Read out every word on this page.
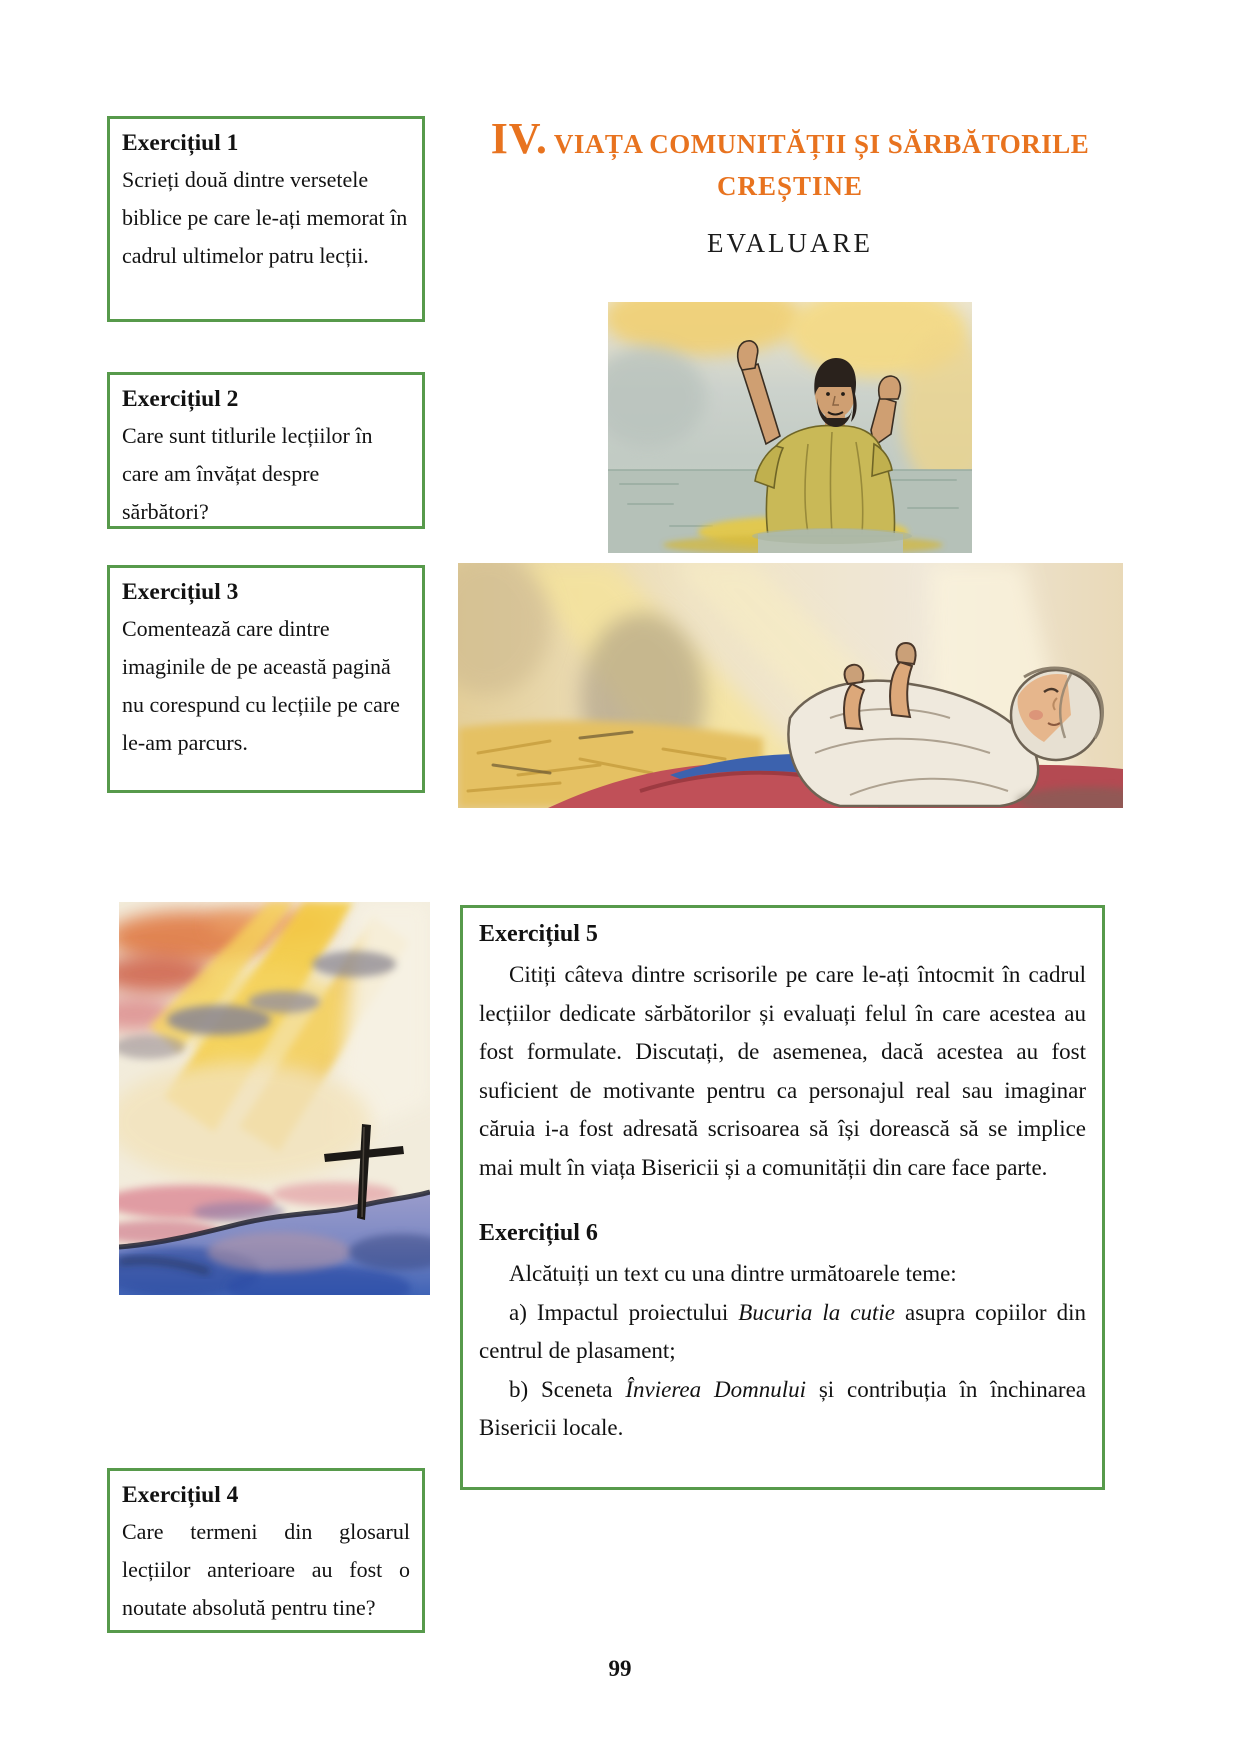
IV. VIAȚA COMUNITĂȚII ȘI SĂRBĂTORILE
CREȘTINE
EVALUARE
Exercițiul 1

Scrieți două dintre versetele biblice pe care le-ați memorat în cadrul ultimelor patru lecții.

Exercițiul 2

Care sunt titlurile lecțiilor în care am învățat despre sărbători?

Exercițiul 3

Comentează care dintre imaginile de pe această pagină nu corespund cu lecțiile pe care le-am parcurs.

Exercițiul 4

Care termeni din glosarul lecțiilor anterioare au fost o noutate absolută pentru tine?

Exercițiul 5

Citiți câteva dintre scrisorile pe care le-ați întocmit în cadrul lecțiilor dedicate sărbătorilor și evaluați felul în care acestea au fost formulate. Discutați, de asemenea, dacă acestea au fost suficient de motivante pentru ca personajul real sau imaginar căruia i-a fost adresată scrisoarea să își dorească să se implice mai mult în viața Bisericii și a comunității din care face parte.

Exercițiul 6

Alcătuiți un text cu una dintre următoarele teme:

a) Impactul proiectului Bucuria la cutie asupra copiilor din centrul de plasament;

b) Sceneta Învierea Domnului și contribuția în închinarea Bisericii locale.

99
